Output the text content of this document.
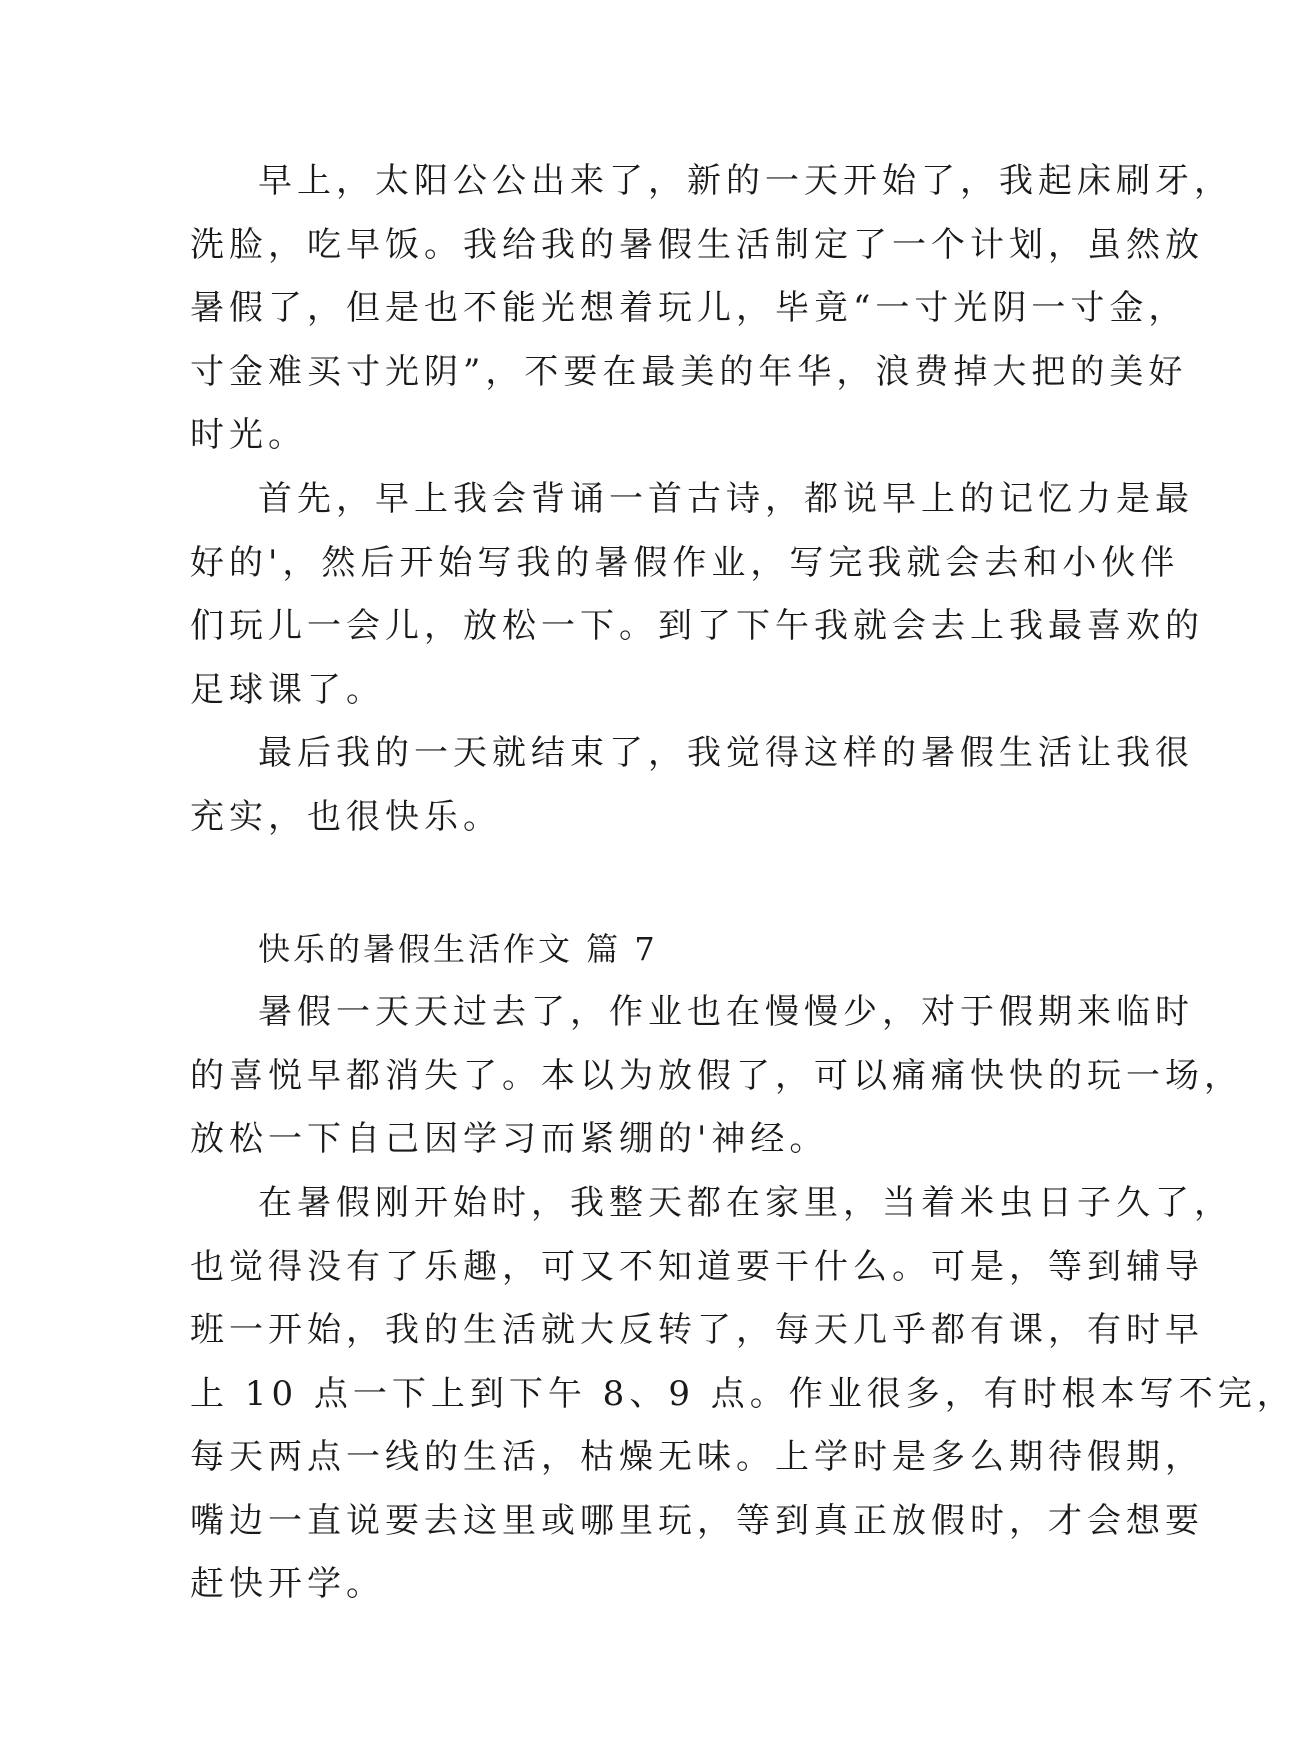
早上，太阳公公出来了，新的一天开始了，我起床刷牙，
洗脸，吃早饭。我给我的暑假生活制定了一个计划，虽然放
暑假了，但是也不能光想着玩儿，毕竟“一寸光阴一寸金，
寸金难买寸光阴”，不要在最美的年华，浪费掉大把的美好
时光。
首先，早上我会背诵一首古诗，都说早上的记忆力是最
好的'，然后开始写我的暑假作业，写完我就会去和小伙伴
们玩儿一会儿，放松一下。到了下午我就会去上我最喜欢的
足球课了。
最后我的一天就结束了，我觉得这样的暑假生活让我很
充实，也很快乐。
快乐的暑假生活作文 篇 7
暑假一天天过去了，作业也在慢慢少，对于假期来临时
的喜悦早都消失了。本以为放假了，可以痛痛快快的玩一场，
放松一下自己因学习而紧绷的'神经。
在暑假刚开始时，我整天都在家里，当着米虫日子久了，
也觉得没有了乐趣，可又不知道要干什么。可是，等到辅导
班一开始，我的生活就大反转了，每天几乎都有课，有时早
上 10 点一下上到下午 8、9 点。作业很多，有时根本写不完，
每天两点一线的生活，枯燥无味。上学时是多么期待假期，
嘴边一直说要去这里或哪里玩，等到真正放假时，才会想要
赶快开学。
